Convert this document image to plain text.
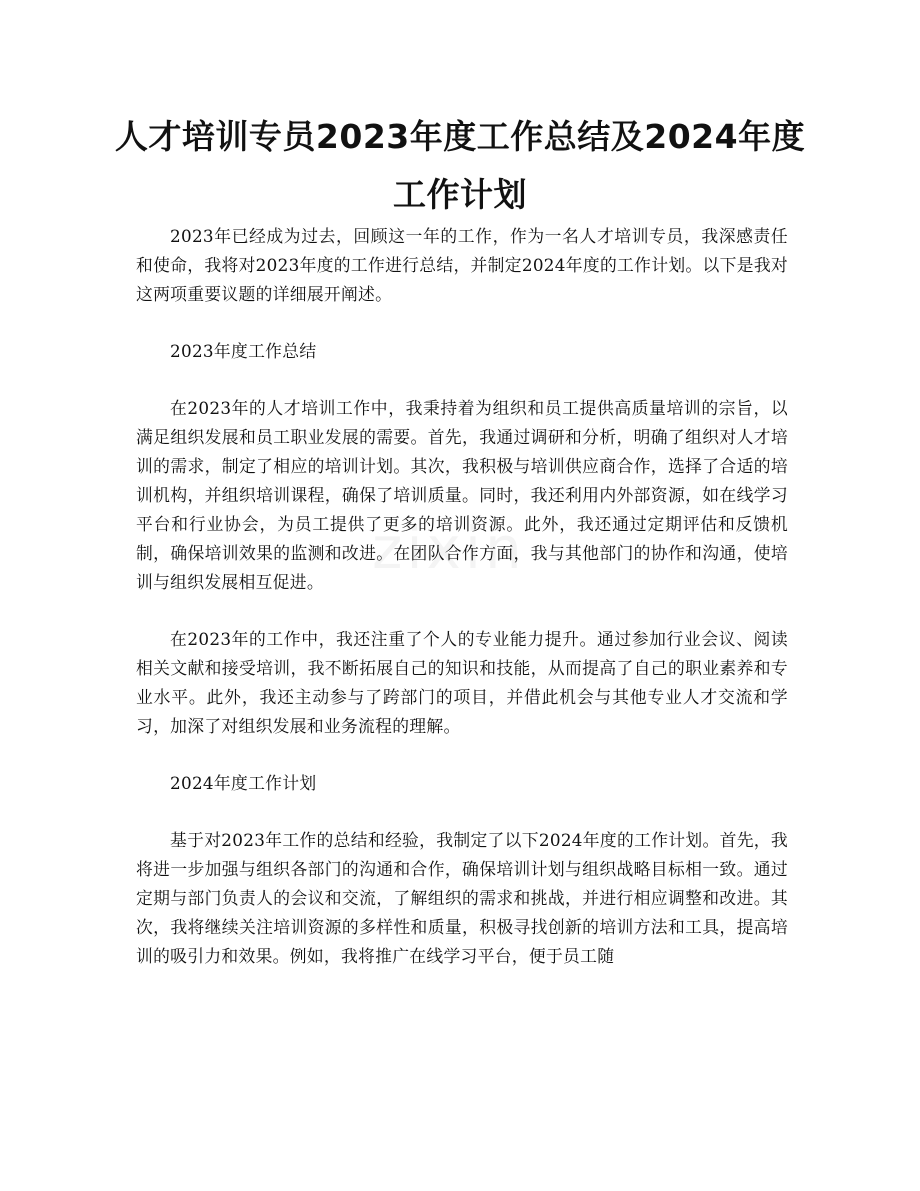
人才培训专员2023年度工作总结及2024年度工作计划

2023年已经成为过去，回顾这一年的工作，作为一名人才培训专员，我深感责任和使命，我将对2023年度的工作进行总结，并制定2024年度的工作计划。以下是我对这两项重要议题的详细展开阐述。

2023年度工作总结

在2023年的人才培训工作中，我秉持着为组织和员工提供高质量培训的宗旨，以满足组织发展和员工职业发展的需要。首先，我通过调研和分析，明确了组织对人才培训的需求，制定了相应的培训计划。其次，我积极与培训供应商合作，选择了合适的培训机构，并组织培训课程，确保了培训质量。同时，我还利用内外部资源，如在线学习平台和行业协会，为员工提供了更多的培训资源。此外，我还通过定期评估和反馈机制，确保培训效果的监测和改进。在团队合作方面，我与其他部门的协作和沟通，使培训与组织发展相互促进。

在2023年的工作中，我还注重了个人的专业能力提升。通过参加行业会议、阅读相关文献和接受培训，我不断拓展自己的知识和技能，从而提高了自己的职业素养和专业水平。此外，我还主动参与了跨部门的项目，并借此机会与其他专业人才交流和学习，加深了对组织发展和业务流程的理解。

2024年度工作计划

基于对2023年工作的总结和经验，我制定了以下2024年度的工作计划。首先，我将进一步加强与组织各部门的沟通和合作，确保培训计划与组织战略目标相一致。通过定期与部门负责人的会议和交流，了解组织的需求和挑战，并进行相应调整和改进。其次，我将继续关注培训资源的多样性和质量，积极寻找创新的培训方法和工具，提高培训的吸引力和效果。例如，我将推广在线学习平台，便于员工随
